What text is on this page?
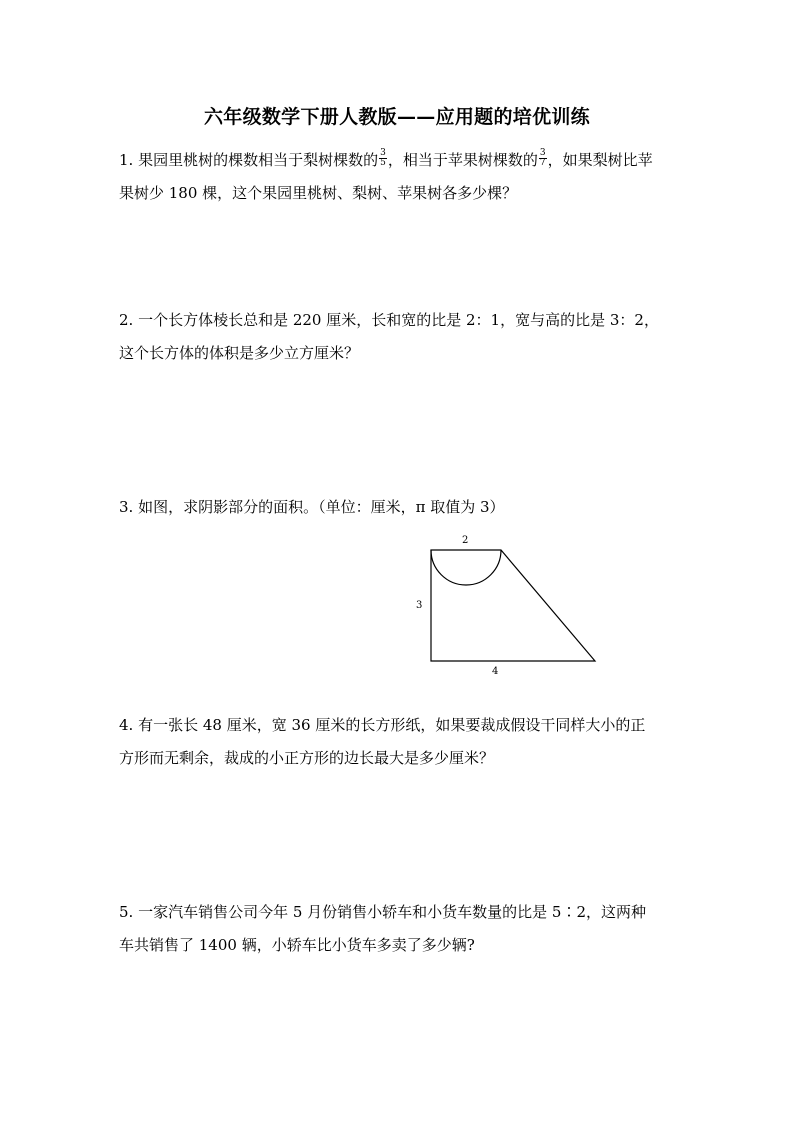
六年级数学下册人教版——应用题的培优训练
1. 果园里桃树的棵数相当于梨树棵数的 $\frac{3}{5}$ ，相当于苹果树棵数的 $\frac{3}{7}$ ，如果梨树比苹
果树少 180 棵，这个果园里桃树、梨树、苹果树各多少棵？
2. 一个长方体棱长总和是 220 厘米，长和宽的比是 2：1，宽与高的比是 3：2，
这个长方体的体积是多少立方厘米？
3. 如图，求阴影部分的面积。（单位：厘米，π 取值为 3）
2
3
4
4. 有一张长 48 厘米，宽 36 厘米的长方形纸，如果要裁成假设干同样大小的正
方形而无剩余，裁成的小正方形的边长最大是多少厘米？
5. 一家汽车销售公司今年 5 月份销售小轿车和小货车数量的比是 5∶2，这两种
车共销售了 1400 辆，小轿车比小货车多卖了多少辆?
